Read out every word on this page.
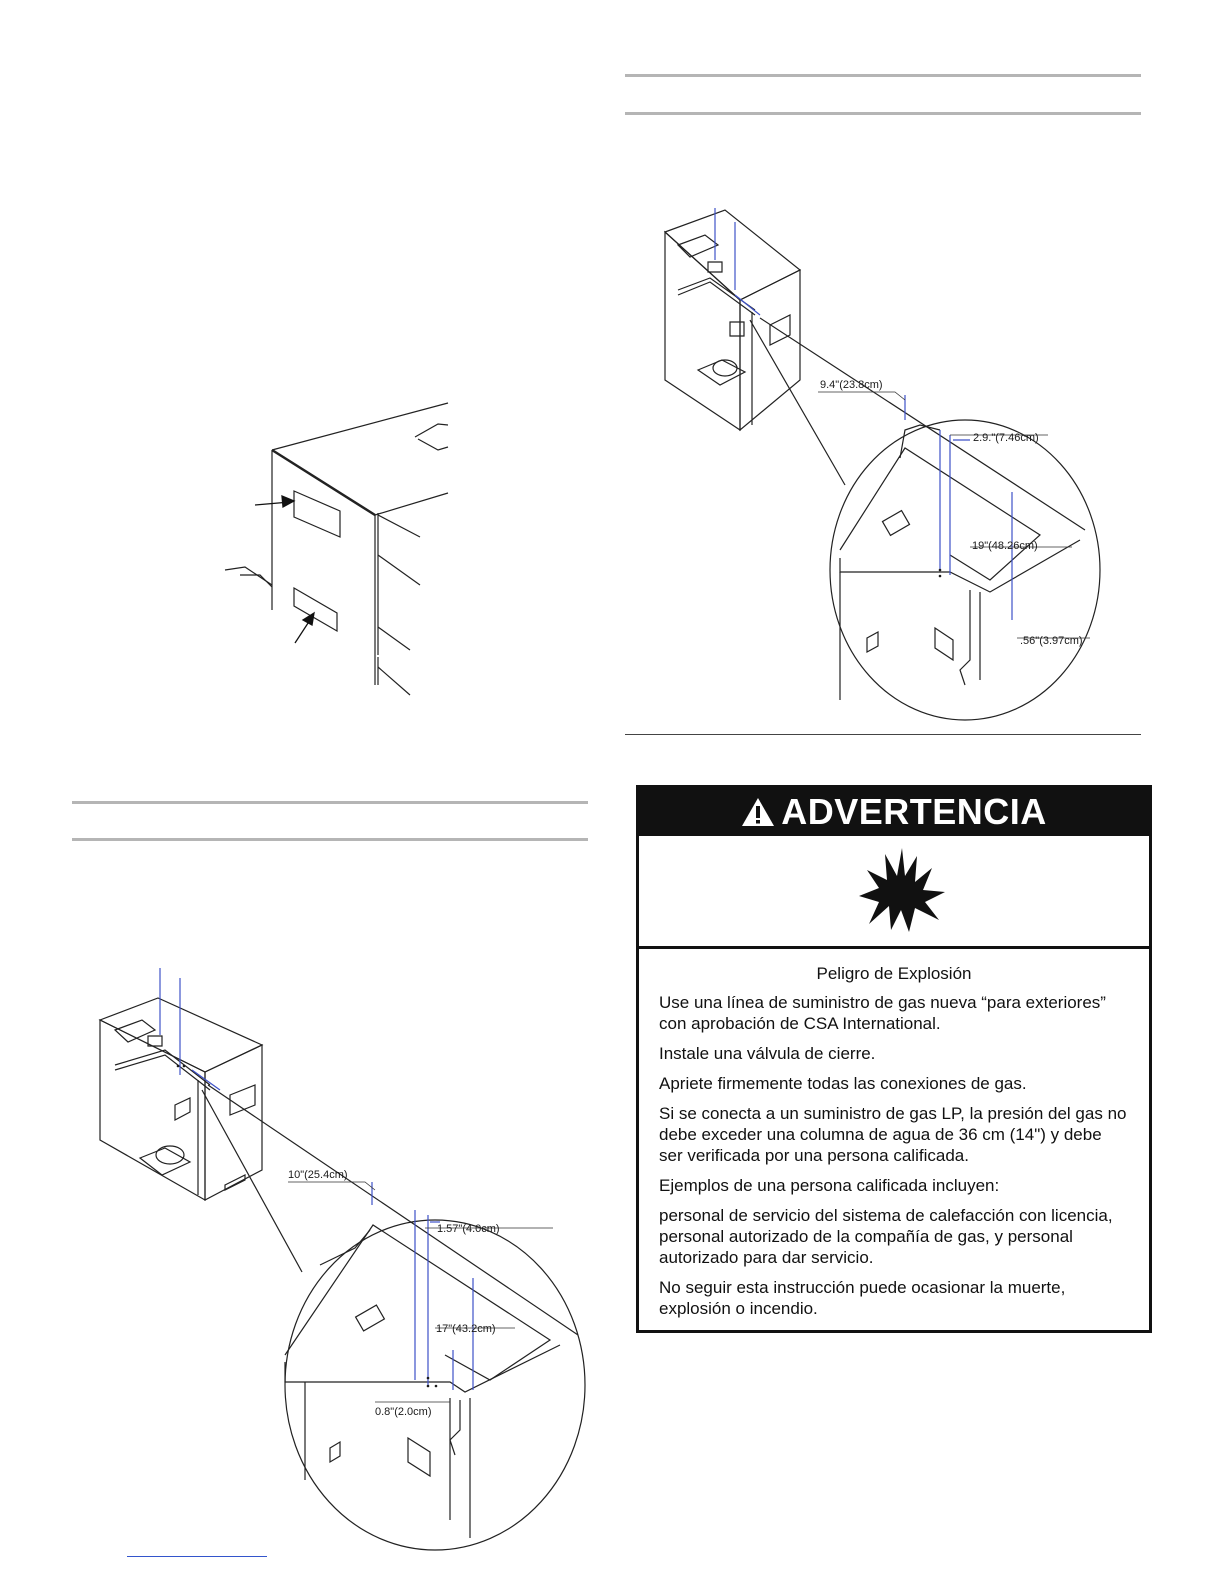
9.4"(23.8cm)
2.9."(7.46cm)
19"(48.26cm)
.56"(3.97cm)
10"(25.4cm)
1.57"(4.0cm)
17"(43.2cm)
0.8"(2.0cm)
ADVERTENCIA
Peligro de Explosión

Use una línea de suministro de gas nueva “para exteriores” con aprobación de CSA International.

Instale una válvula de cierre.

Apriete firmemente todas las conexiones de gas.

Si se conecta a un suministro de gas LP, la presión del gas no debe exceder una columna de agua de 36 cm (14") y debe ser verificada por una persona calificada.

Ejemplos de una persona calificada incluyen:

personal de servicio del sistema de calefacción con licencia, personal autorizado de la compañía de gas, y personal autorizado para dar servicio.

No seguir esta instrucción puede ocasionar la muerte, explosión o incendio.
